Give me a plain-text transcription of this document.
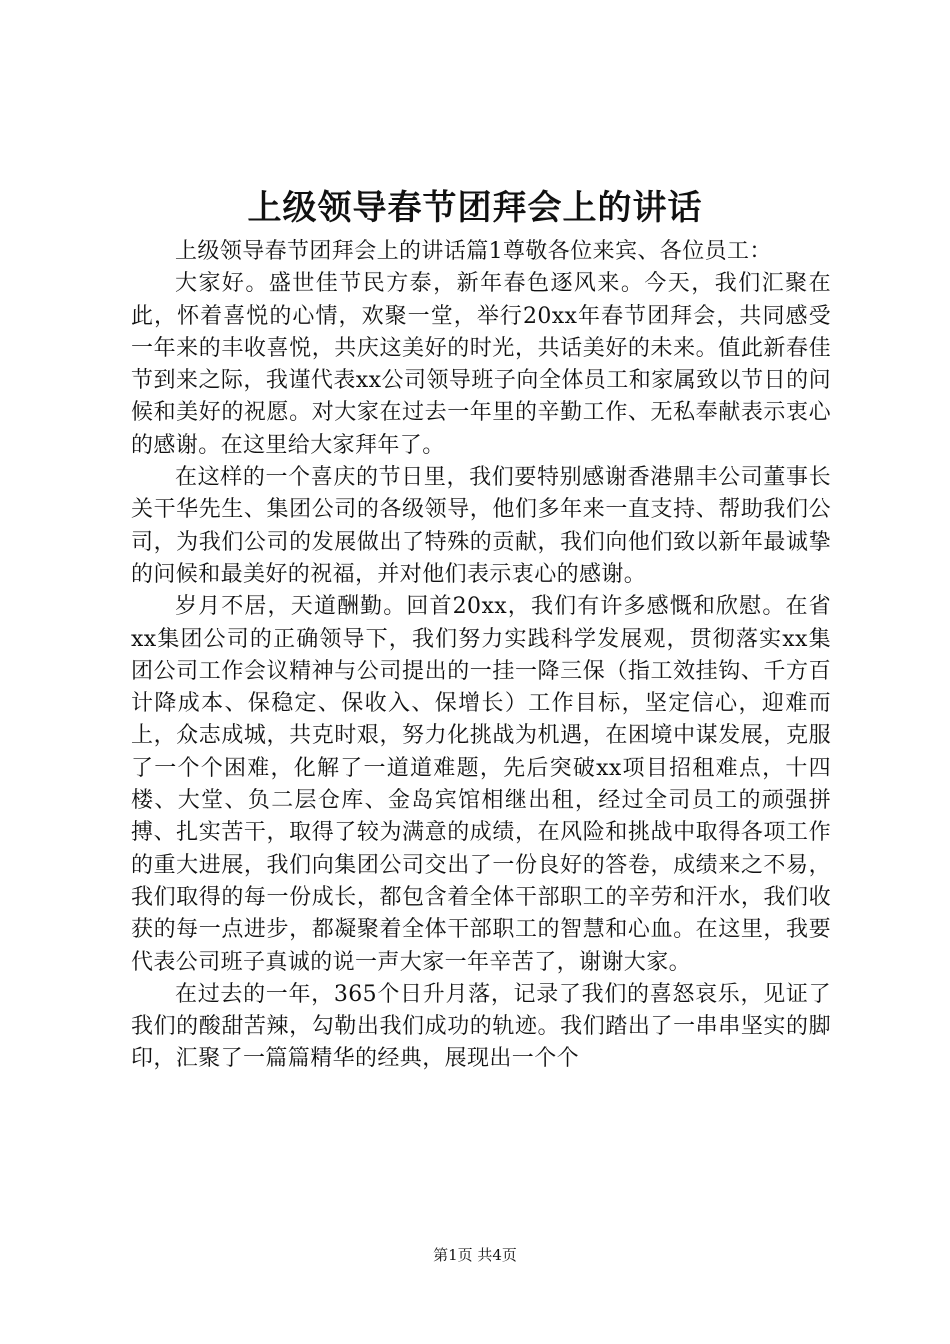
上级领导春节团拜会上的讲话

上级领导春节团拜会上的讲话篇1尊敬各位来宾、各位员工：

大家好。盛世佳节民方泰，新年春色逐风来。今天，我们汇聚在此，怀着喜悦的心情，欢聚一堂，举行20xx年春节团拜会，共同感受一年来的丰收喜悦，共庆这美好的时光，共话美好的未来。值此新春佳节到来之际，我谨代表xx公司领导班子向全体员工和家属致以节日的问候和美好的祝愿。对大家在过去一年里的辛勤工作、无私奉献表示衷心的感谢。在这里给大家拜年了。

在这样的一个喜庆的节日里，我们要特别感谢香港鼎丰公司董事长关干华先生、集团公司的各级领导，他们多年来一直支持、帮助我们公司，为我们公司的发展做出了特殊的贡献，我们向他们致以新年最诚挚的问候和最美好的祝福，并对他们表示衷心的感谢。

岁月不居，天道酬勤。回首20xx，我们有许多感慨和欣慰。在省xx集团公司的正确领导下，我们努力实践科学发展观，贯彻落实xx集团公司工作会议精神与公司提出的一挂一降三保（指工效挂钩、千方百计降成本、保稳定、保收入、保增长）工作目标，坚定信心，迎难而上，众志成城，共克时艰，努力化挑战为机遇，在困境中谋发展，克服了一个个困难，化解了一道道难题，先后突破xx项目招租难点，十四楼、大堂、负二层仓库、金岛宾馆相继出租，经过全司员工的顽强拼搏、扎实苦干，取得了较为满意的成绩，在风险和挑战中取得各项工作的重大进展，我们向集团公司交出了一份良好的答卷，成绩来之不易，我们取得的每一份成长，都包含着全体干部职工的辛劳和汗水，我们收获的每一点进步，都凝聚着全体干部职工的智慧和心血。在这里，我要代表公司班子真诚的说一声大家一年辛苦了，谢谢大家。

在过去的一年，365个日升月落，记录了我们的喜怒哀乐，见证了我们的酸甜苦辣，勾勒出我们成功的轨迹。我们踏出了一串串坚实的脚印，汇聚了一篇篇精华的经典，展现出一个个

第1页 共4页
